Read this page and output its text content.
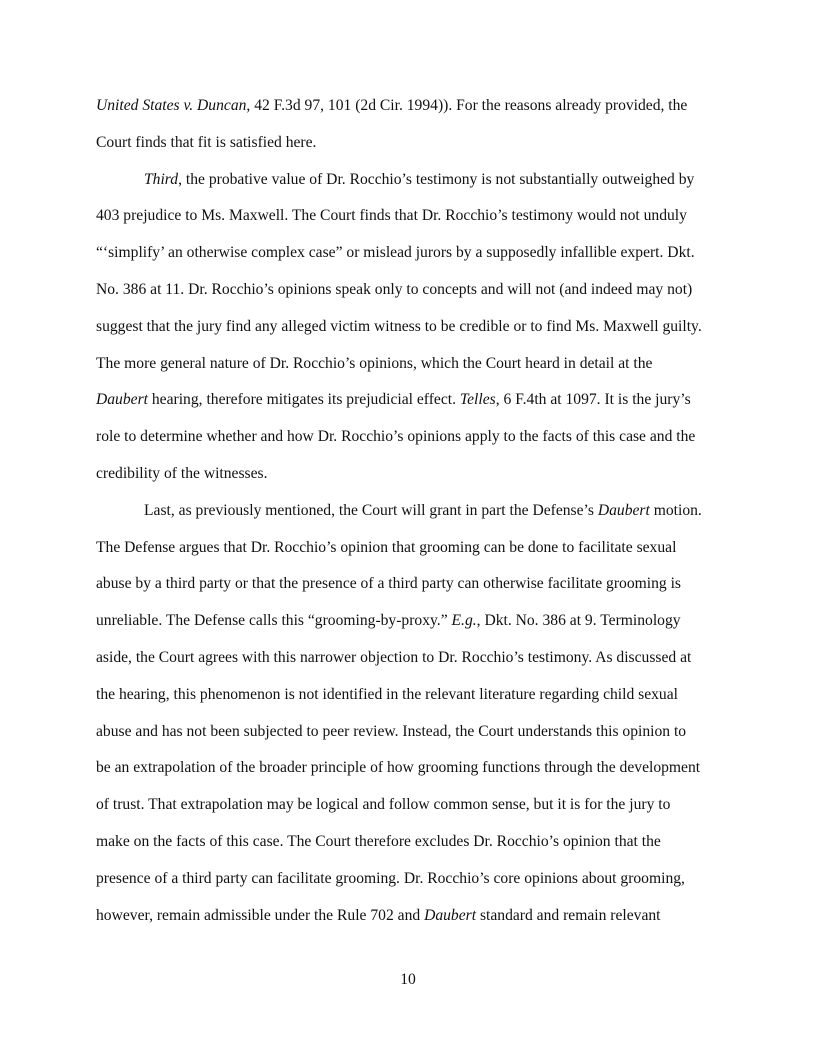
United States v. Duncan, 42 F.3d 97, 101 (2d Cir. 1994)). For the reasons already provided, the
Court finds that fit is satisfied here.
Third, the probative value of Dr. Rocchio’s testimony is not substantially outweighed by
403 prejudice to Ms. Maxwell. The Court finds that Dr. Rocchio’s testimony would not unduly
“‘simplify’ an otherwise complex case” or mislead jurors by a supposedly infallible expert. Dkt.
No. 386 at 11. Dr. Rocchio’s opinions speak only to concepts and will not (and indeed may not)
suggest that the jury find any alleged victim witness to be credible or to find Ms. Maxwell guilty.
The more general nature of Dr. Rocchio’s opinions, which the Court heard in detail at the
Daubert hearing, therefore mitigates its prejudicial effect. Telles, 6 F.4th at 1097. It is the jury’s
role to determine whether and how Dr. Rocchio’s opinions apply to the facts of this case and the
credibility of the witnesses.
Last, as previously mentioned, the Court will grant in part the Defense’s Daubert motion.
The Defense argues that Dr. Rocchio’s opinion that grooming can be done to facilitate sexual
abuse by a third party or that the presence of a third party can otherwise facilitate grooming is
unreliable. The Defense calls this “grooming-by-proxy.” E.g., Dkt. No. 386 at 9. Terminology
aside, the Court agrees with this narrower objection to Dr. Rocchio’s testimony. As discussed at
the hearing, this phenomenon is not identified in the relevant literature regarding child sexual
abuse and has not been subjected to peer review. Instead, the Court understands this opinion to
be an extrapolation of the broader principle of how grooming functions through the development
of trust. That extrapolation may be logical and follow common sense, but it is for the jury to
make on the facts of this case. The Court therefore excludes Dr. Rocchio’s opinion that the
presence of a third party can facilitate grooming. Dr. Rocchio’s core opinions about grooming,
however, remain admissible under the Rule 702 and Daubert standard and remain relevant
10
